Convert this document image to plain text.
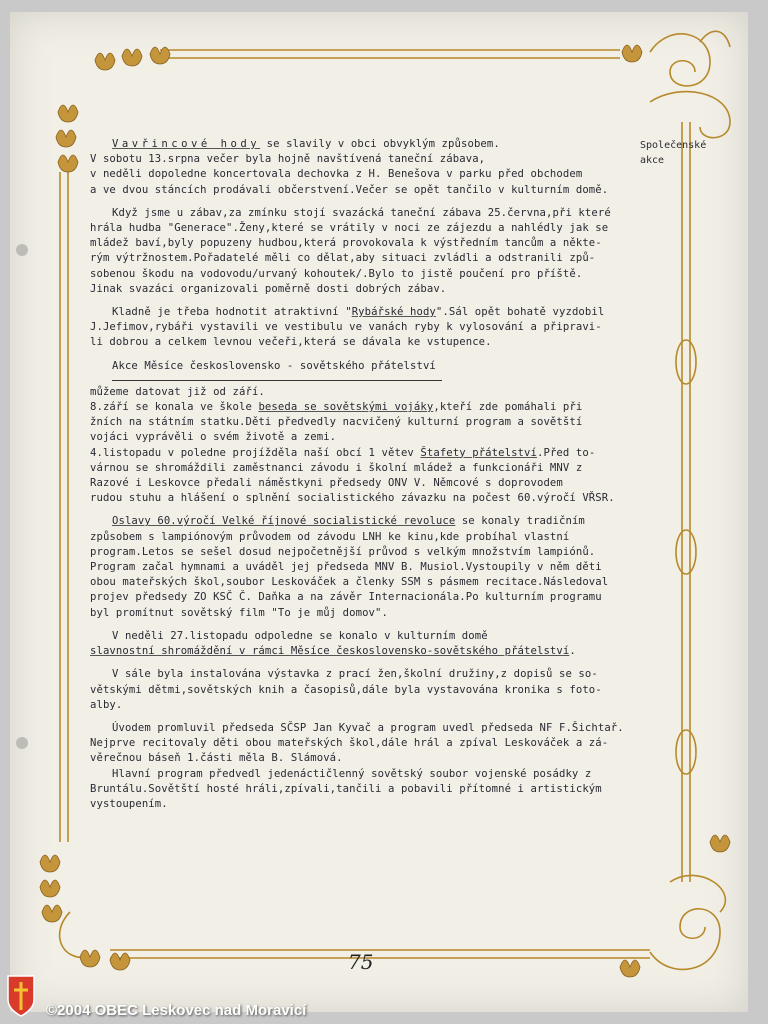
Společenské
akce

Vavřincové hody se slavily v obci obvyklým způsobem.
V sobotu 13.srpna večer byla hojně navštívená taneční zábava,
v neděli dopoledne koncertovala dechovka z H. Benešova v parku před obchodem
a ve dvou stáncích prodávali občerstvení.Večer se opět tančilo v kulturním domě.

Když jsme u zábav,za zmínku stojí svazácká taneční zábava 25.června,při které
hrála hudba "Generace".Ženy,které se vrátily v noci ze zájezdu a nahlédly jak se
mládež baví,byly popuzeny hudbou,která provokovala k výstředním tancům a někte-
rým výtržnostem.Pořadatelé měli co dělat,aby situaci zvládli a odstranili způ-
sobenou škodu na vodovodu/urvaný kohoutek/.Bylo to jistě poučení pro příště.
Jinak svazáci organizovali poměrně dosti dobrých zábav.

Kladně je třeba hodnotit atraktivní "Rybářské hody".Sál opět bohatě vyzdobil
J.Jefimov,rybáři vystavili ve vestibulu ve vanách ryby k vylosování a připravi-
li dobrou a celkem levnou večeři,která se dávala ke vstupence.

Akce Měsíce československo - sovětského přátelství

můžeme datovat již od září.
8.září se konala ve škole beseda se sovětskými vojáky,kteří zde pomáhali při
žních na státním statku.Děti předvedly nacvičený kulturní program a sovětští
vojáci vyprávěli o svém životě a zemi.
4.listopadu v poledne projížděla naší obcí 1 větev Štafety přátelství.Před to-
várnou se shromáždili zaměstnanci závodu i školní mládež a funkcionáři MNV z
Razové i Leskovce předali náměstkyni předsedy ONV V. Němcové s doprovodem
rudou stuhu a hlášení o splnění socialistického závazku na počest 60.výročí VŘSR.

Oslavy 60.výročí Velké říjnové socialistické revoluce se konaly tradičním
způsobem s lampiónovým průvodem od závodu LNH ke kinu,kde probíhal vlastní
program.Letos se sešel dosud nejpočetnější průvod s velkým množstvím lampiónů.
Program začal hymnami a uváděl jej předseda MNV B. Musiol.Vystoupily v něm děti
obou mateřských škol,soubor Leskováček a členky SSM s pásmem recitace.Následoval
projev předsedy ZO KSČ Č. Daňka a na závěr Internacionála.Po kulturním programu
byl promítnut sovětský film "To je můj domov".

V neděli 27.listopadu odpoledne se konalo v kulturním domě
slavnostní shromáždění v rámci Měsíce československo-sovětského přátelství.

V sále byla instalována výstavka z prací žen,školní družiny,z dopisů se so-
větskými dětmi,sovětských knih a časopisů,dále byla vystavována kronika s foto-
alby.

Úvodem promluvil předseda SČSP Jan Kyvač a program uvedl předseda NF F.Šichtař.
Nejprve recitovaly děti obou mateřských škol,dále hrál a zpíval Leskováček a zá-
věrečnou báseň 1.části měla B. Slámová.

Hlavní program předvedl jedenáctičlenný sovětský soubor vojenské posádky z
Bruntálu.Sovětští hosté hráli,zpívali,tančili a pobavili přítomné i artistickým
vystoupením.

75
©2004 OBEC Leskovec nad Moravicí
